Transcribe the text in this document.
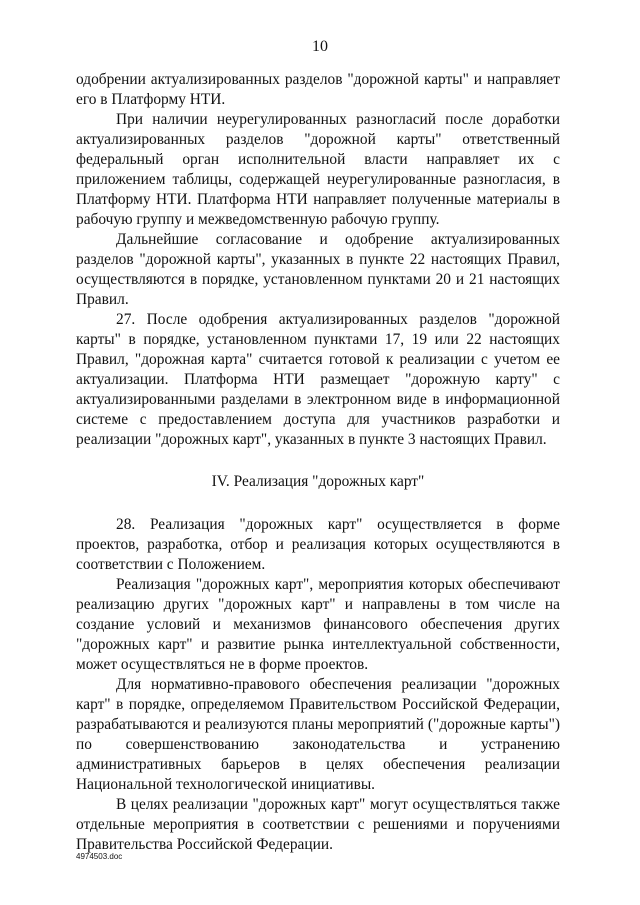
10

одобрении актуализированных разделов "дорожной карты" и направляет его в Платформу НТИ.

При наличии неурегулированных разногласий после доработки актуализированных разделов "дорожной карты" ответственный федеральный орган исполнительной власти направляет их с приложением таблицы, содержащей неурегулированные разногласия, в Платформу НТИ. Платформа НТИ направляет полученные материалы в рабочую группу и межведомственную рабочую группу.

Дальнейшие согласование и одобрение актуализированных разделов "дорожной карты", указанных в пункте 22 настоящих Правил, осуществляются в порядке, установленном пунктами 20 и 21 настоящих Правил.

27. После одобрения актуализированных разделов "дорожной карты" в порядке, установленном пунктами 17, 19 или 22 настоящих Правил, "дорожная карта" считается готовой к реализации с учетом ее актуализации. Платформа НТИ размещает "дорожную карту" с актуализированными разделами в электронном виде в информационной системе с предоставлением доступа для участников разработки и реализации "дорожных карт", указанных в пункте 3 настоящих Правил.

IV. Реализация "дорожных карт"

28. Реализация "дорожных карт" осуществляется в форме проектов, разработка, отбор и реализация которых осуществляются в соответствии с Положением.

Реализация "дорожных карт", мероприятия которых обеспечивают реализацию других "дорожных карт" и направлены в том числе на создание условий и механизмов финансового обеспечения других "дорожных карт" и развитие рынка интеллектуальной собственности, может осуществляться не в форме проектов.

Для нормативно-правового обеспечения реализации "дорожных карт" в порядке, определяемом Правительством Российской Федерации, разрабатываются и реализуются планы мероприятий ("дорожные карты") по совершенствованию законодательства и устранению административных барьеров в целях обеспечения реализации Национальной технологической инициативы.

В целях реализации "дорожных карт" могут осуществляться также отдельные мероприятия в соответствии с решениями и поручениями Правительства Российской Федерации.

4974503.doc
